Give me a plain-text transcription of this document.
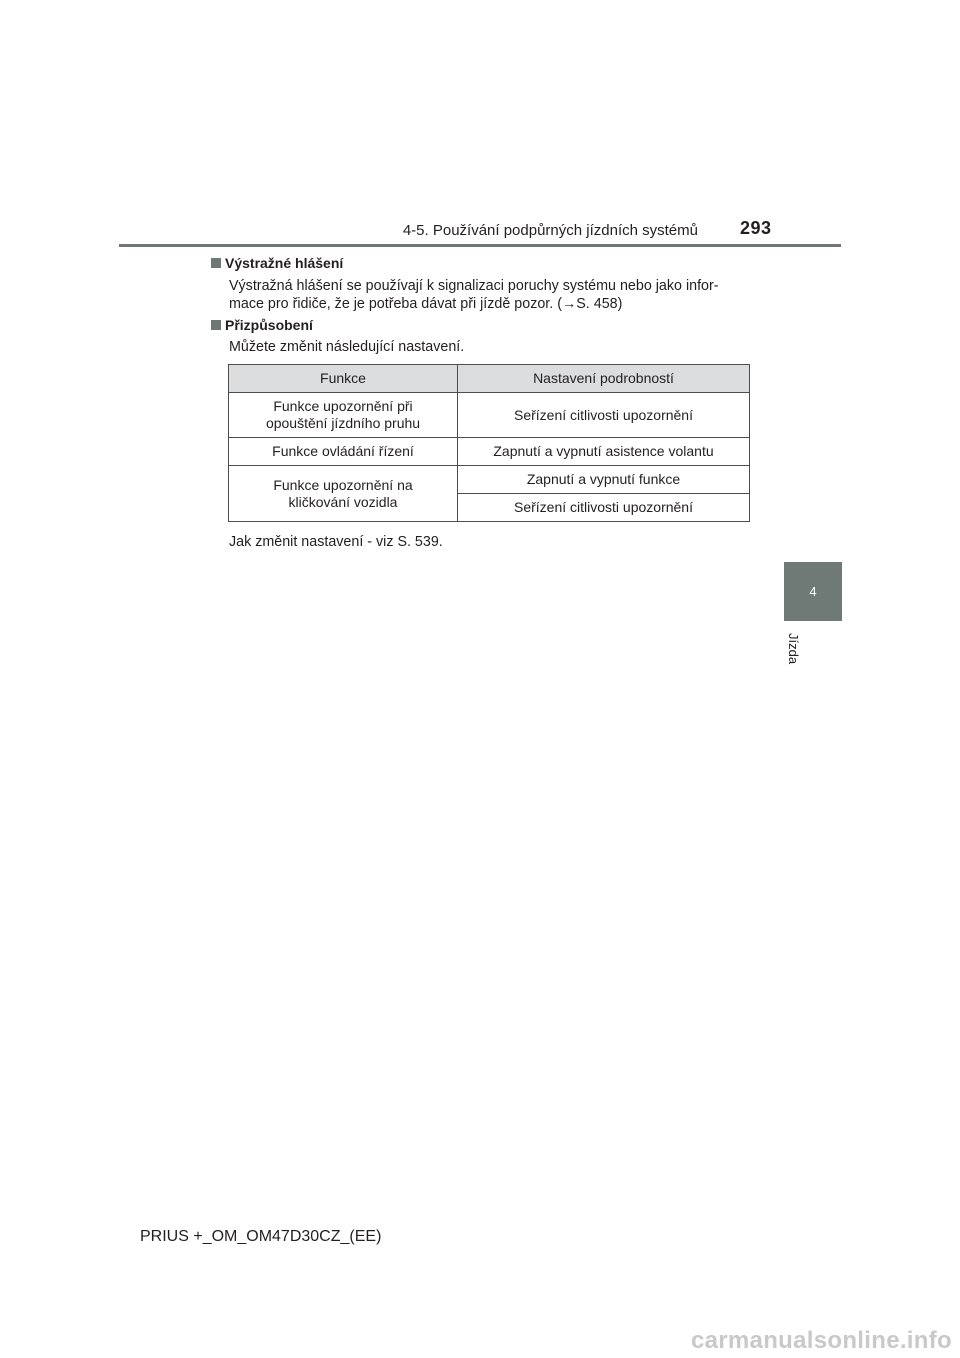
4-5. Používání podpůrných jízdních systémů 293
4
Jízda
Výstražné hlášení
Výstražná hlášení se používají k signalizaci poruchy systému nebo jako infor-
mace pro řidiče, že je potřeba dávat při jízdě pozor. (→S. 458)
Přizpůsobení
Můžete změnit následující nastavení.
Funkce	Nastavení podrobností
Funkce upozornění při
opouštění jízdního pruhu	Seřízení citlivosti upozornění
Funkce ovládání řízení	Zapnutí a vypnutí asistence volantu
Funkce upozornění na
kličkování vozidla	Zapnutí a vypnutí funkce
	Seřízení citlivosti upozornění
Jak změnit nastavení - viz S. 539.
PRIUS +_OM_OM47D30CZ_(EE)
carmanualsonline.info
